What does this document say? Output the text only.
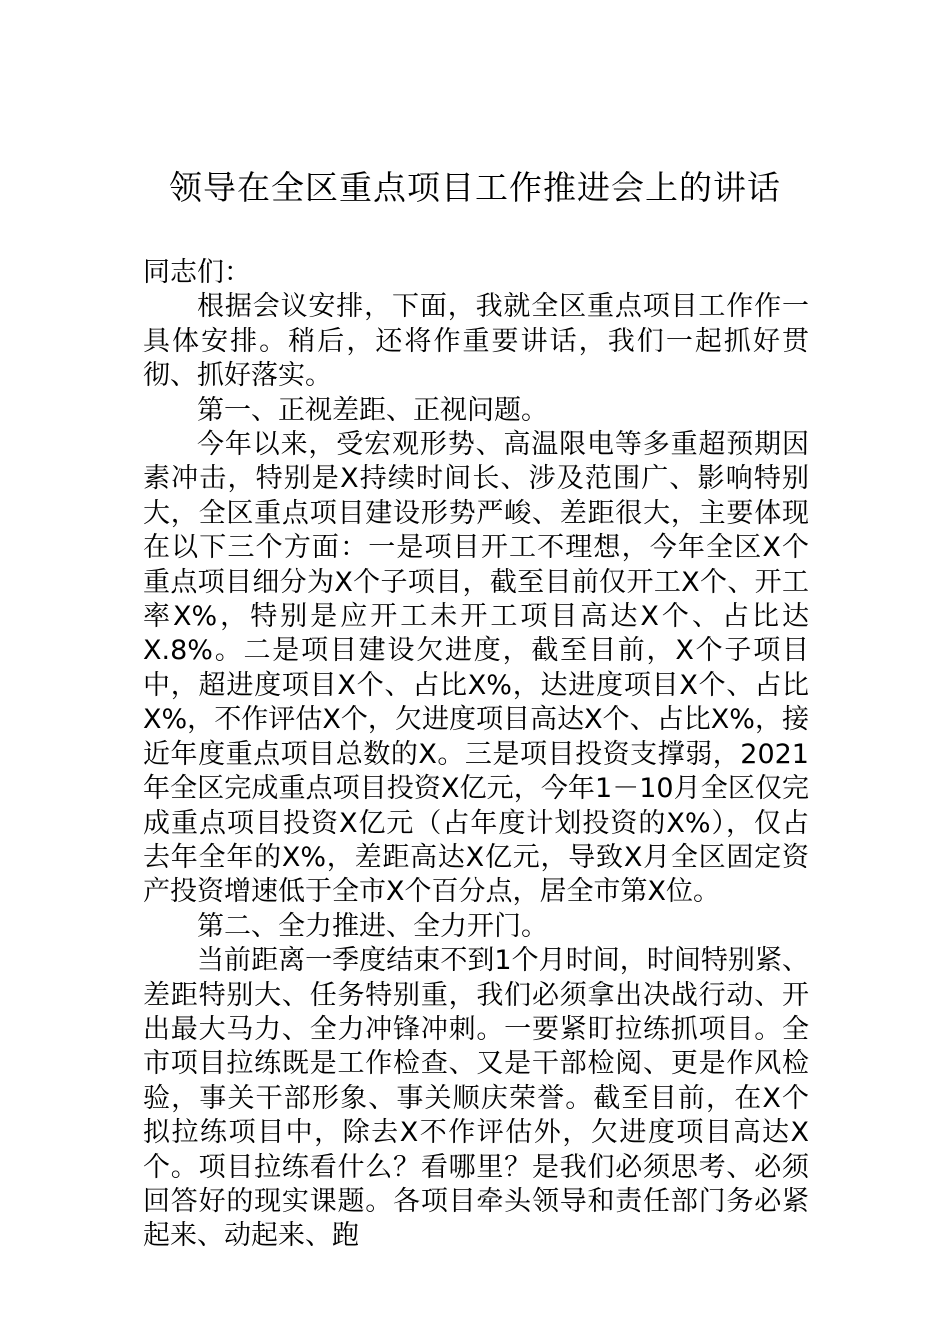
领导在全区重点项目工作推进会上的讲话

同志们：

根据会议安排，下面，我就全区重点项目工作作一具体安排。稍后，还将作重要讲话，我们一起抓好贯彻、抓好落实。

第一、正视差距、正视问题。

今年以来，受宏观形势、高温限电等多重超预期因素冲击，特别是X持续时间长、涉及范围广、影响特别大，全区重点项目建设形势严峻、差距很大，主要体现在以下三个方面：一是项目开工不理想，今年全区X个重点项目细分为X个子项目，截至目前仅开工X个、开工率X%，特别是应开工未开工项目高达X个、占比达X.8%。二是项目建设欠进度，截至目前，X个子项目中，超进度项目X个、占比X%，达进度项目X个、占比X%，不作评估X个，欠进度项目高达X个、占比X%，接近年度重点项目总数的X。三是项目投资支撑弱，2021年全区完成重点项目投资X亿元，今年1－10月全区仅完成重点项目投资X亿元（占年度计划投资的X%），仅占去年全年的X%，差距高达X亿元，导致X月全区固定资产投资增速低于全市X个百分点，居全市第X位。

第二、全力推进、全力开门。

当前距离一季度结束不到1个月时间，时间特别紧、差距特别大、任务特别重，我们必须拿出决战行动、开出最大马力、全力冲锋冲刺。一要紧盯拉练抓项目。全市项目拉练既是工作检查、又是干部检阅、更是作风检验，事关干部形象、事关顺庆荣誉。截至目前，在X个拟拉练项目中，除去X不作评估外，欠进度项目高达X个。项目拉练看什么？看哪里？是我们必须思考、必须回答好的现实课题。各项目牵头领导和责任部门务必紧起来、动起来、跑
